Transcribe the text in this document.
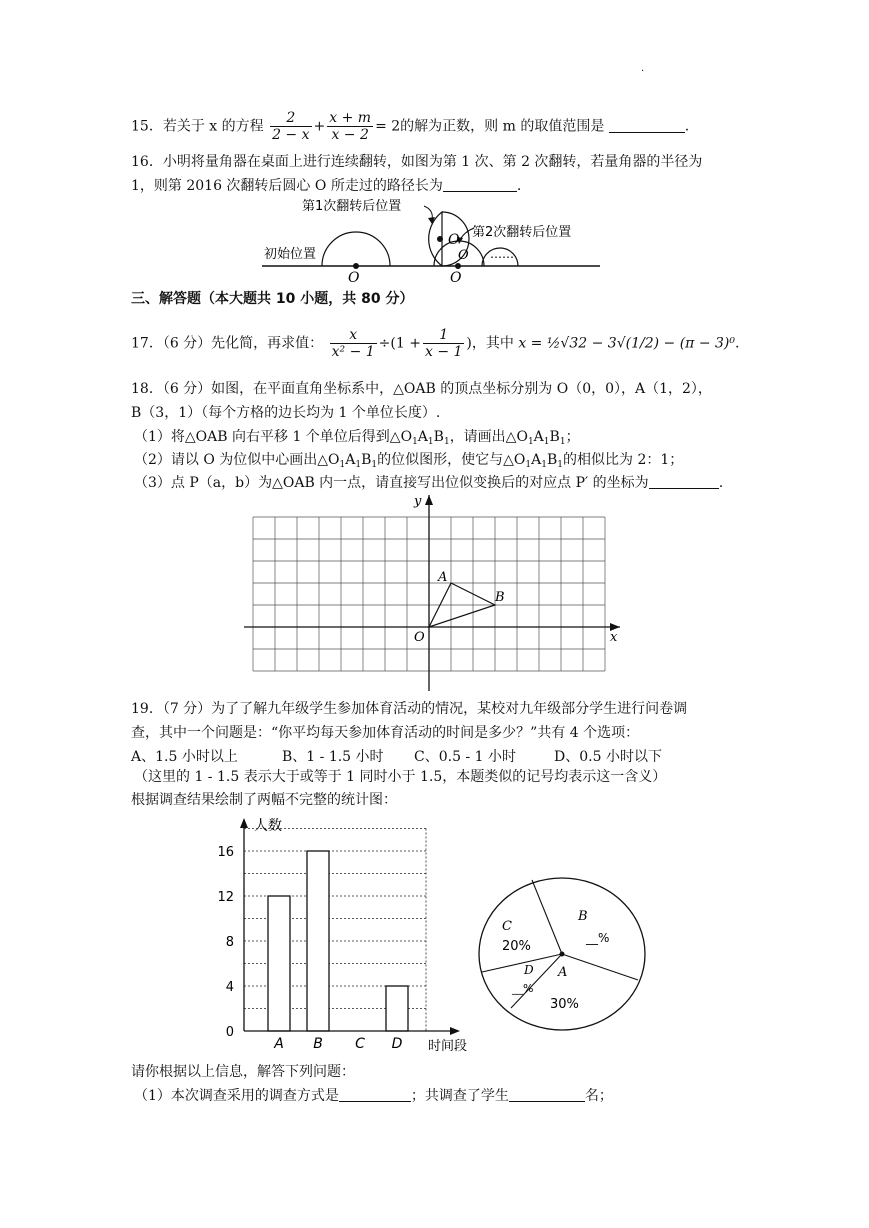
·
15．若关于 x 的方程 $\frac{2}{2 - x} + \frac{x + m}{x - 2} = 2$的解为正数，则 m 的取值范围是	.
16．小明将量角器在桌面上进行连续翻转，如图为第 1 次、第 2 次翻转，若量角器的半径为
1，则第 2016 次翻转后圆心 O 所走过的路径长为	.
第1次翻转后位置
第2次翻转后位置
初始位置
O
O
O
O ……
三、解答题（本大题共 10 小题，共 80 分）
17．（6 分）先化简，再求值： $\frac{x}{\text{x² − 1}} \div(1 + \frac{1}{x - 1}$ )，其中 x = ½√32 − 3√(1/2) − (π − 3)⁰.
18．（6 分）如图，在平面直角坐标系中，△OAB 的顶点坐标分别为 O（0，0），A（1，2），
B（3，1）（每个方格的边长均为 1 个单位长度）.
（1）将△OAB 向右平移 1 个单位后得到$\triangle O_1A_1B_1$，请画出$\triangle O_1A_1B_1$；
（2）请以 O 为位似中心画出$\triangle O_1A_1B_1$的位似图形，使它与$\triangle O_1A_1B_1$的相似比为 2：1；
（3）点 P（a，b）为△OAB 内一点，请直接写出位似变换后的对应点 P′ 的坐标为	.
x
y
O
A
B
19．（7 分）为了了解九年级学生参加体育活动的情况，某校对九年级部分学生进行问卷调
查，其中一个问题是：“你平均每天参加体育活动的时间是多少？”共有 4 个选项：
A、1.5 小时以上	B、1 - 1.5 小时 C、0.5 - 1 小时	D、0.5 小时以下
（这里的 1 - 1.5 表示大于或等于 1 同时小于 1.5，本题类似的记号均表示这一含义）
根据调查结果绘制了两幅不完整的统计图：
0
4
8
12
16
A B C D
人数
时间段
B
__%
C
20%
D
__%
A
30%
请你根据以上信息，解答下列问题：
（1）本次调查采用的调查方式是	；共调查了学生	名；
